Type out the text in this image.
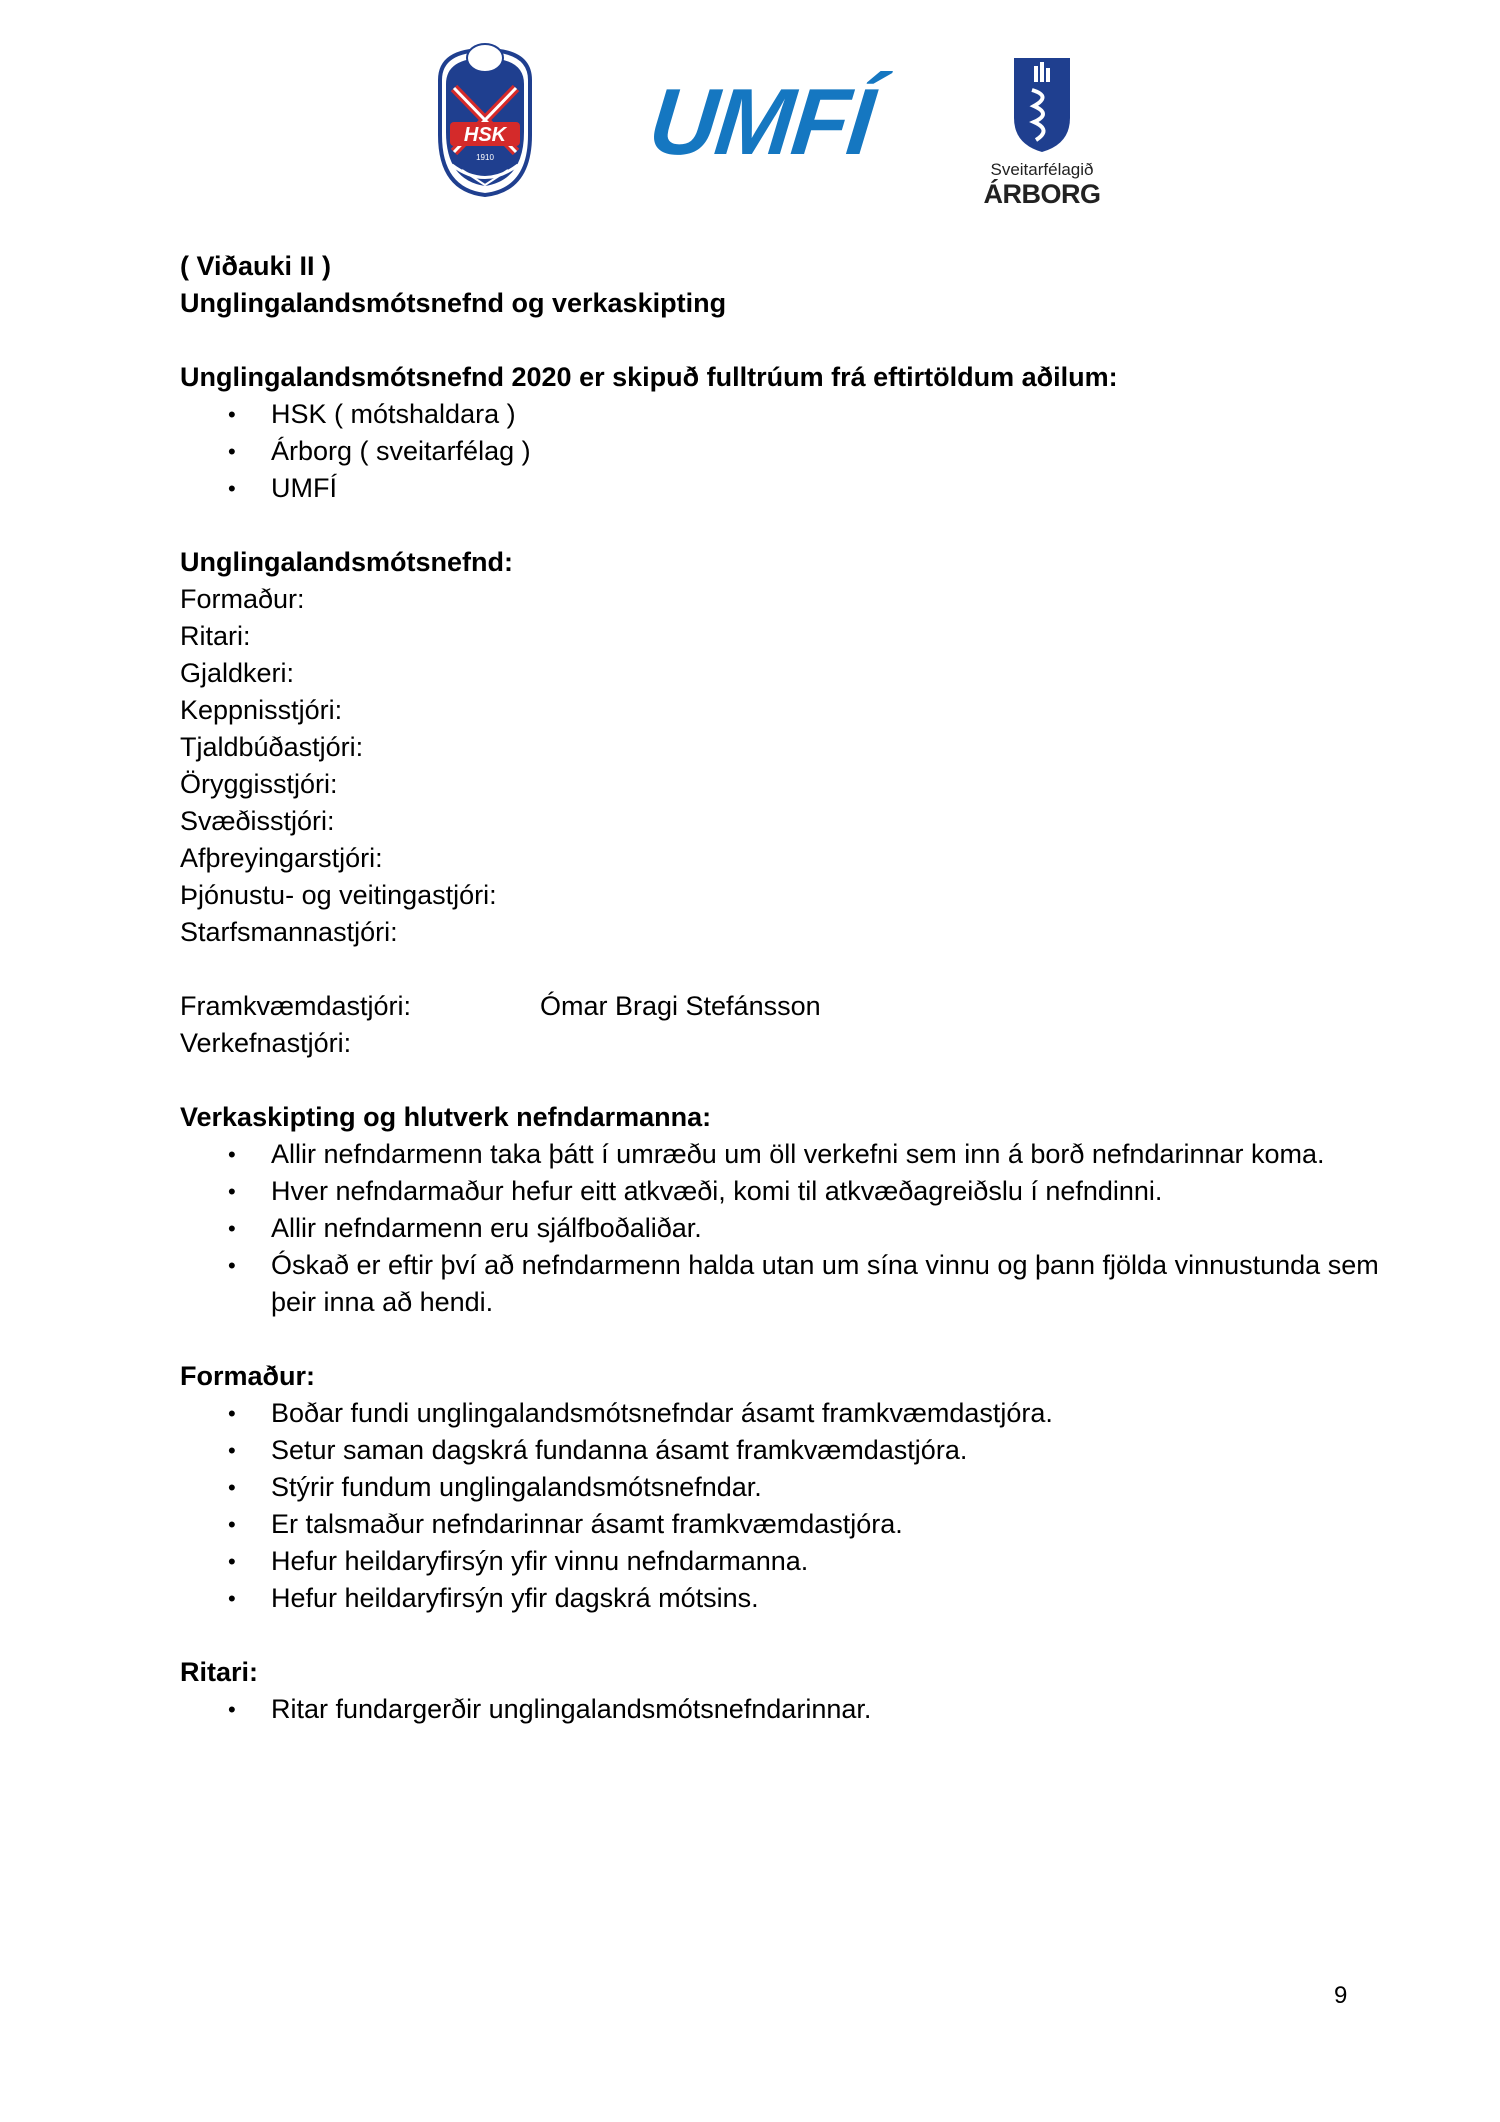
HSK
1910 UMFÍ	Sveitarfélagið
ÁRBORG
( Viðauki II )
Unglingalandsmótsnefnd og verkaskipting
Unglingalandsmótsnefnd 2020 er skipuð fulltrúum frá eftirtöldum aðilum:
• HSK ( mótshaldara )
• Árborg ( sveitarfélag )
• UMFÍ
Unglingalandsmótsnefnd:
Formaður:
Ritari:
Gjaldkeri:
Keppnisstjóri:
Tjaldbúðastjóri:
Öryggisstjóri:
Svæðisstjóri:
Afþreyingarstjóri:
Þjónustu- og veitingastjóri:
Starfsmannastjóri:
Framkvæmdastjóri:	Ómar Bragi Stefánsson
Verkefnastjóri:
Verkaskipting og hlutverk nefndarmanna:
• Allir nefndarmenn taka þátt í umræðu um öll verkefni sem inn á borð nefndarinnar koma.
• Hver nefndarmaður hefur eitt atkvæði, komi til atkvæðagreiðslu í nefndinni.
• Allir nefndarmenn eru sjálfboðaliðar.
• Óskað er eftir því að nefndarmenn halda utan um sína vinnu og þann fjölda vinnustunda sem þeir inna að hendi.
Formaður:
• Boðar fundi unglingalandsmótsnefndar ásamt framkvæmdastjóra.
• Setur saman dagskrá fundanna ásamt framkvæmdastjóra.
• Stýrir fundum unglingalandsmótsnefndar.
• Er talsmaður nefndarinnar ásamt framkvæmdastjóra.
• Hefur heildaryfirsýn yfir vinnu nefndarmanna.
• Hefur heildaryfirsýn yfir dagskrá mótsins.
Ritari:
• Ritar fundargerðir unglingalandsmótsnefndarinnar.
9
